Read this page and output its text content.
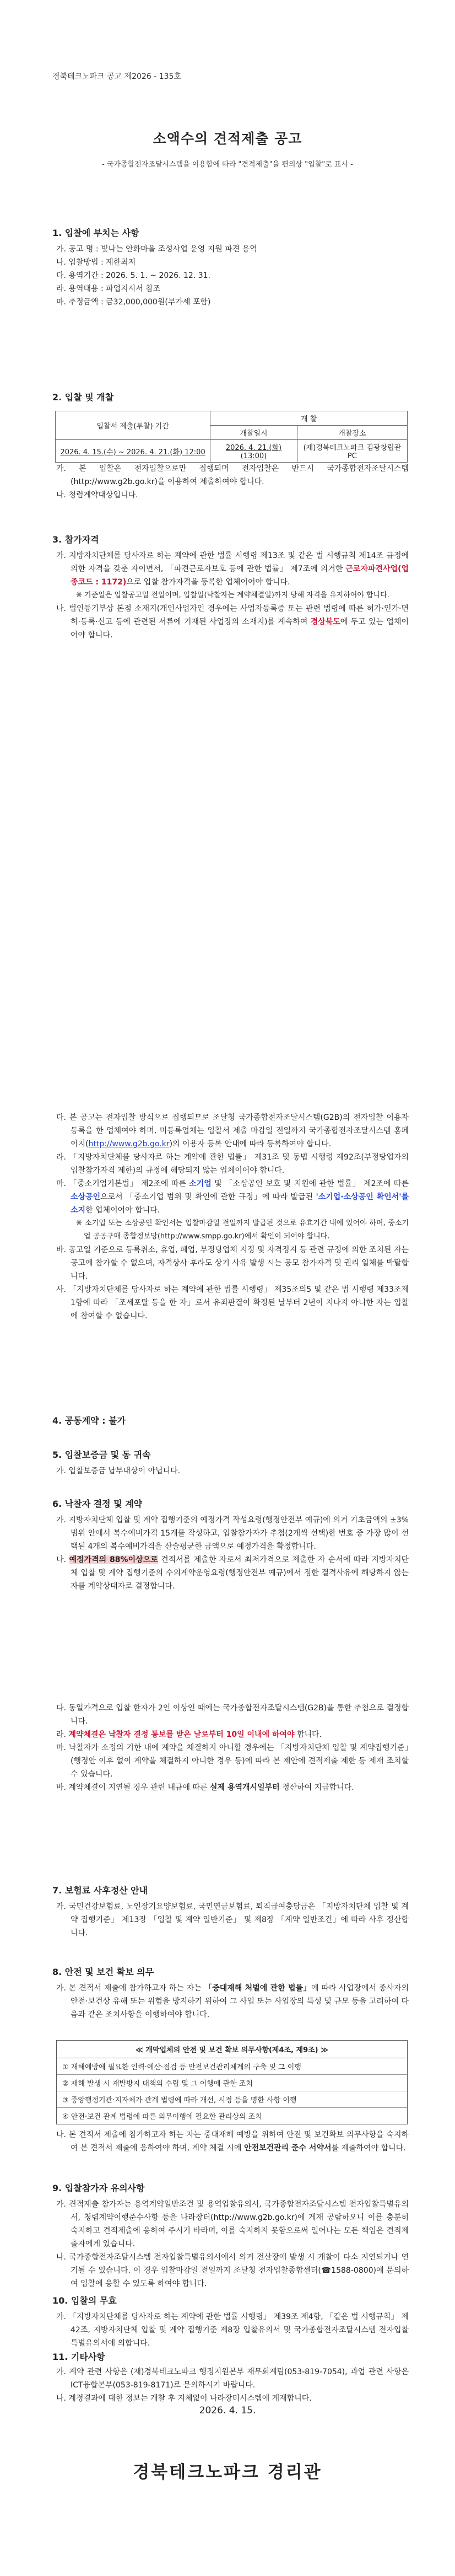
경북테크노파크 공고 제2026 - 135호
소액수의 견적제출 공고
- 국가종합전자조달시스템을 이용함에 따라 "견적제출"을 편의상 "입찰"로 표시 -
1. 입찰에 부치는 사항

가. 공고 명 : 빛나는 안화마을 조성사업 운영 지원 파견 용역

나. 입찰방법 : 제한최저

다. 용역기간 : 2026. 5. 1. ~ 2026. 12. 31.

라. 용역대용 : 파업지시서 참조

마. 추정금액 : 금32,000,000원(부가세 포함)

2. 입찰 및 개찰
입찰서 제출(투찰) 기간	개 찰	
	개찰일시	개찰장소
2026. 4. 15.(수) ~ 2026. 4. 21.(화) 12:00	2026. 4. 21.(화) (13:00)	(재)경북테크노파크 김광창립관 PC

가. 본 입찰은 전자입찰으로만 집행되며 전자입찰은 반드시 국가종합전자조달시스템(http://www.g2b.go.kr)을 이용하여 제출하여야 합니다.

나. 청렴계약대상입니다.

3. 참가자격

가. 지방자치단체를 당사자로 하는 계약에 관한 법률 시행령 제13조 및 같은 법 시행규칙 제14조 규정에 의한 자격을 갖춘 자이면서, 「파견근로자보호 등에 관한 법률」 제7조에 의거한 근로자파견사업(업종코드 : 1172)으로 입찰 참가자격을 등록한 업체이어야 합니다.

※ 기준일은 입찰공고일 전일이며, 입찰일(낙찰자는 계약체결일)까지 당해 자격을 유지하여야 합니다.

나. 법인등기부상 본점 소재지(개인사업자인 경우에는 사업자등록증 또는 관련 법령에 따른 허가·인가·면허·등록·신고 등에 관련된 서류에 기재된 사업장의 소재지)를 계속하여 경상북도에 두고 있는 업체이어야 합니다.

다. 본 공고는 전자입찰 방식으로 집행되므로 조달청 국가종합전자조달시스템(G2B)의 전자입찰 이용자 등록을 한 업체여야 하며, 미등록업체는 입찰서 제출 마감일 전일까지 국가종합전자조달시스템 홈페이지(http://www.g2b.go.kr)의 이용자 등록 안내에 따라 등록하여야 합니다.

라. 「지방자치단체를 당사자로 하는 계약에 관한 법률」 제31조 및 동법 시행령 제92조(부정당업자의 입찰참가자격 제한)의 규정에 해당되지 않는 업체이어야 합니다.

마. 「중소기업기본법」 제2조에 따른 소기업 및 「소상공인 보호 및 지원에 관한 법률」 제2조에 따른 소상공인으로서 「중소기업 범위 및 확인에 관한 규정」에 따라 발급된 '소기업·소상공인 확인서'를 소지한 업체이어야 합니다.

※ 소기업 또는 소상공인 확인서는 입찰마감일 전일까지 발급된 것으로 유효기간 내에 있어야 하며, 중소기업 공공구매 종합정보망(http://www.smpp.go.kr)에서 확인이 되어야 합니다.

바. 공고일 기준으로 등록취소, 휴업, 폐업, 부정당업체 지정 및 자격정지 등 관련 규정에 의한 조치된 자는 공고에 참가할 수 없으며, 자격상사 후라도 상기 사유 발생 시는 공모 참가자격 및 권리 일체를 박탈합니다.

사. 「지방자치단체를 당사자로 하는 계약에 관한 법률 시행령」 제35조의5 및 같은 법 시행령 제33조제1항에 따라 「조세포탈 등을 한 자」로서 유죄판결이 확정된 날부터 2년이 지나지 아니한 자는 입찰에 참여할 수 없습니다.

4. 공동계약 : 불가
5. 입찰보증금 및 동 귀속

가. 입찰보증금 납부대상이 아닙니다.

6. 낙찰자 결정 및 계약

가. 지방자치단체 입찰 및 계약 집행기준의 예정가격 작성요령(행정안전부 예규)에 의거 기초금액의 ±3% 범위 안에서 복수예비가격 15개를 작성하고, 입찰참가자가 추첨(2개씩 선택)한 번호 중 가장 많이 선택된 4개의 복수예비가격을 산술평균한 금액으로 예정가격을 확정합니다.

나. 예정가격의 88%이상으로 견적서를 제출한 자로서 최저가격으로 제출한 자 순서에 따라 지방자치단체 입찰 및 계약 집행기준의 수의계약운영요령(행정안전부 예규)에서 정한 결격사유에 해당하지 않는 자를 계약상대자로 결정합니다.

다. 동일가격으로 입찰 한자가 2인 이상인 때에는 국가종합전자조달시스템(G2B)을 통한 추첨으로 결정합니다.

라. 계약체결은 낙찰자 결정 통보를 받은 날로부터 10일 이내에 하여야 합니다.

마. 낙찰자가 소정의 기한 내에 계약을 체결하지 아니할 경우에는 「지방자치단체 입찰 및 계약집행기준」(행정안 이후 없이 계약을 체결하지 아니한 경우 등)에 따라 본 제안에 견적제출 제한 등 제재 조치할 수 있습니다.

바. 계약체결이 지연될 경우 관련 내규에 따른 실제 용역개시일부터 정산하여 지급합니다.

7. 보험료 사후정산 안내

가. 국민건강보험료, 노인장기요양보험료, 국민연금보험료, 퇴직급여충당금은 「지방자치단체 입찰 및 계약 집행기준」 제13장 「입찰 및 계약 일반기준」 및 제8장 「계약 일반조건」에 따라 사후 정산합니다.

8. 안전 및 보건 확보 의무

가. 본 견적서 제출에 참가하고자 하는 자는 「중대재해 처벌에 관한 법률」에 따라 사업장에서 종사자의 안전·보건상 유해 또는 위험을 방지하기 위하여 그 사업 또는 사업장의 특성 및 규모 등을 고려하여 다음과 같은 조치사항을 이행하여야 합니다.

≪ 개막업체의 안전 및 보건 확보 의무사항(제4조, 제9조) ≫
① 재해예방에 필요한 인력·예산·점검 등 안전보건관리체계의 구축 및 그 이행
② 재해 발생 시 재발방지 대책의 수립 및 그 이행에 관한 조치
③ 중앙행정기관·지자체가 관계 법령에 따라 개선, 시정 등을 명한 사항 이행
④ 안전·보건 관계 법령에 따른 의무이행에 필요한 관리상의 조치

나. 본 견적서 제출에 참가하고자 하는 자는 중대재해 예방을 위하여 안전 및 보건확보 의무사항을 숙지하여 본 견적서 제출에 응하여야 하며, 계약 체결 시에 안전보건관리 준수 서약서를 제출하여야 합니다.

9. 입찰참가자 유의사항

가. 견적제출 참가자는 용역계약일반조건 및 용역입찰유의서, 국가종합전자조달시스템 전자입찰특별유의서, 청렴계약이행준수사항 등을 나라장터(http://www.g2b.go.kr)에 게재 공람하오니 이를 충분히 숙지하고 견적제출에 응하여 주시기 바라며, 이를 숙지하지 못함으로써 일어나는 모든 책임은 견적제출자에게 있습니다.

나. 국가종합전자조달시스템 전자입찰특별유의서에서 의거 전산장애 발생 시 개찰이 다소 지연되거나 연기될 수 있습니다. 이 경우 입찰마감일 전일까지 조달청 전자입찰종합센터(☎1588-0800)에 문의하여 입찰에 응할 수 있도록 하여야 합니다.

10. 입찰의 무효

가. 「지방자치단체를 당사자로 하는 계약에 관한 법률 시행령」 제39조 제4항, 「같은 법 시행규칙」 제42조, 지방자치단체 입찰 및 계약 집행기준 제8장 입찰유의서 및 국가종합전자조달시스템 전자입찰특별유의서에 의합니다.

11. 기타사항

가. 계약 관련 사항은 (재)경북테크노파크 행정지원본부 재무회계팀(053-819-7054), 과업 관련 사항은 ICT융합본부(053-819-8171)로 문의하시기 바랍니다.

나. 계정결과에 대한 정보는 개찰 후 지체없이 나라장터시스템에 게재합니다.

2026. 4. 15.
경북테크노파크 경리관
